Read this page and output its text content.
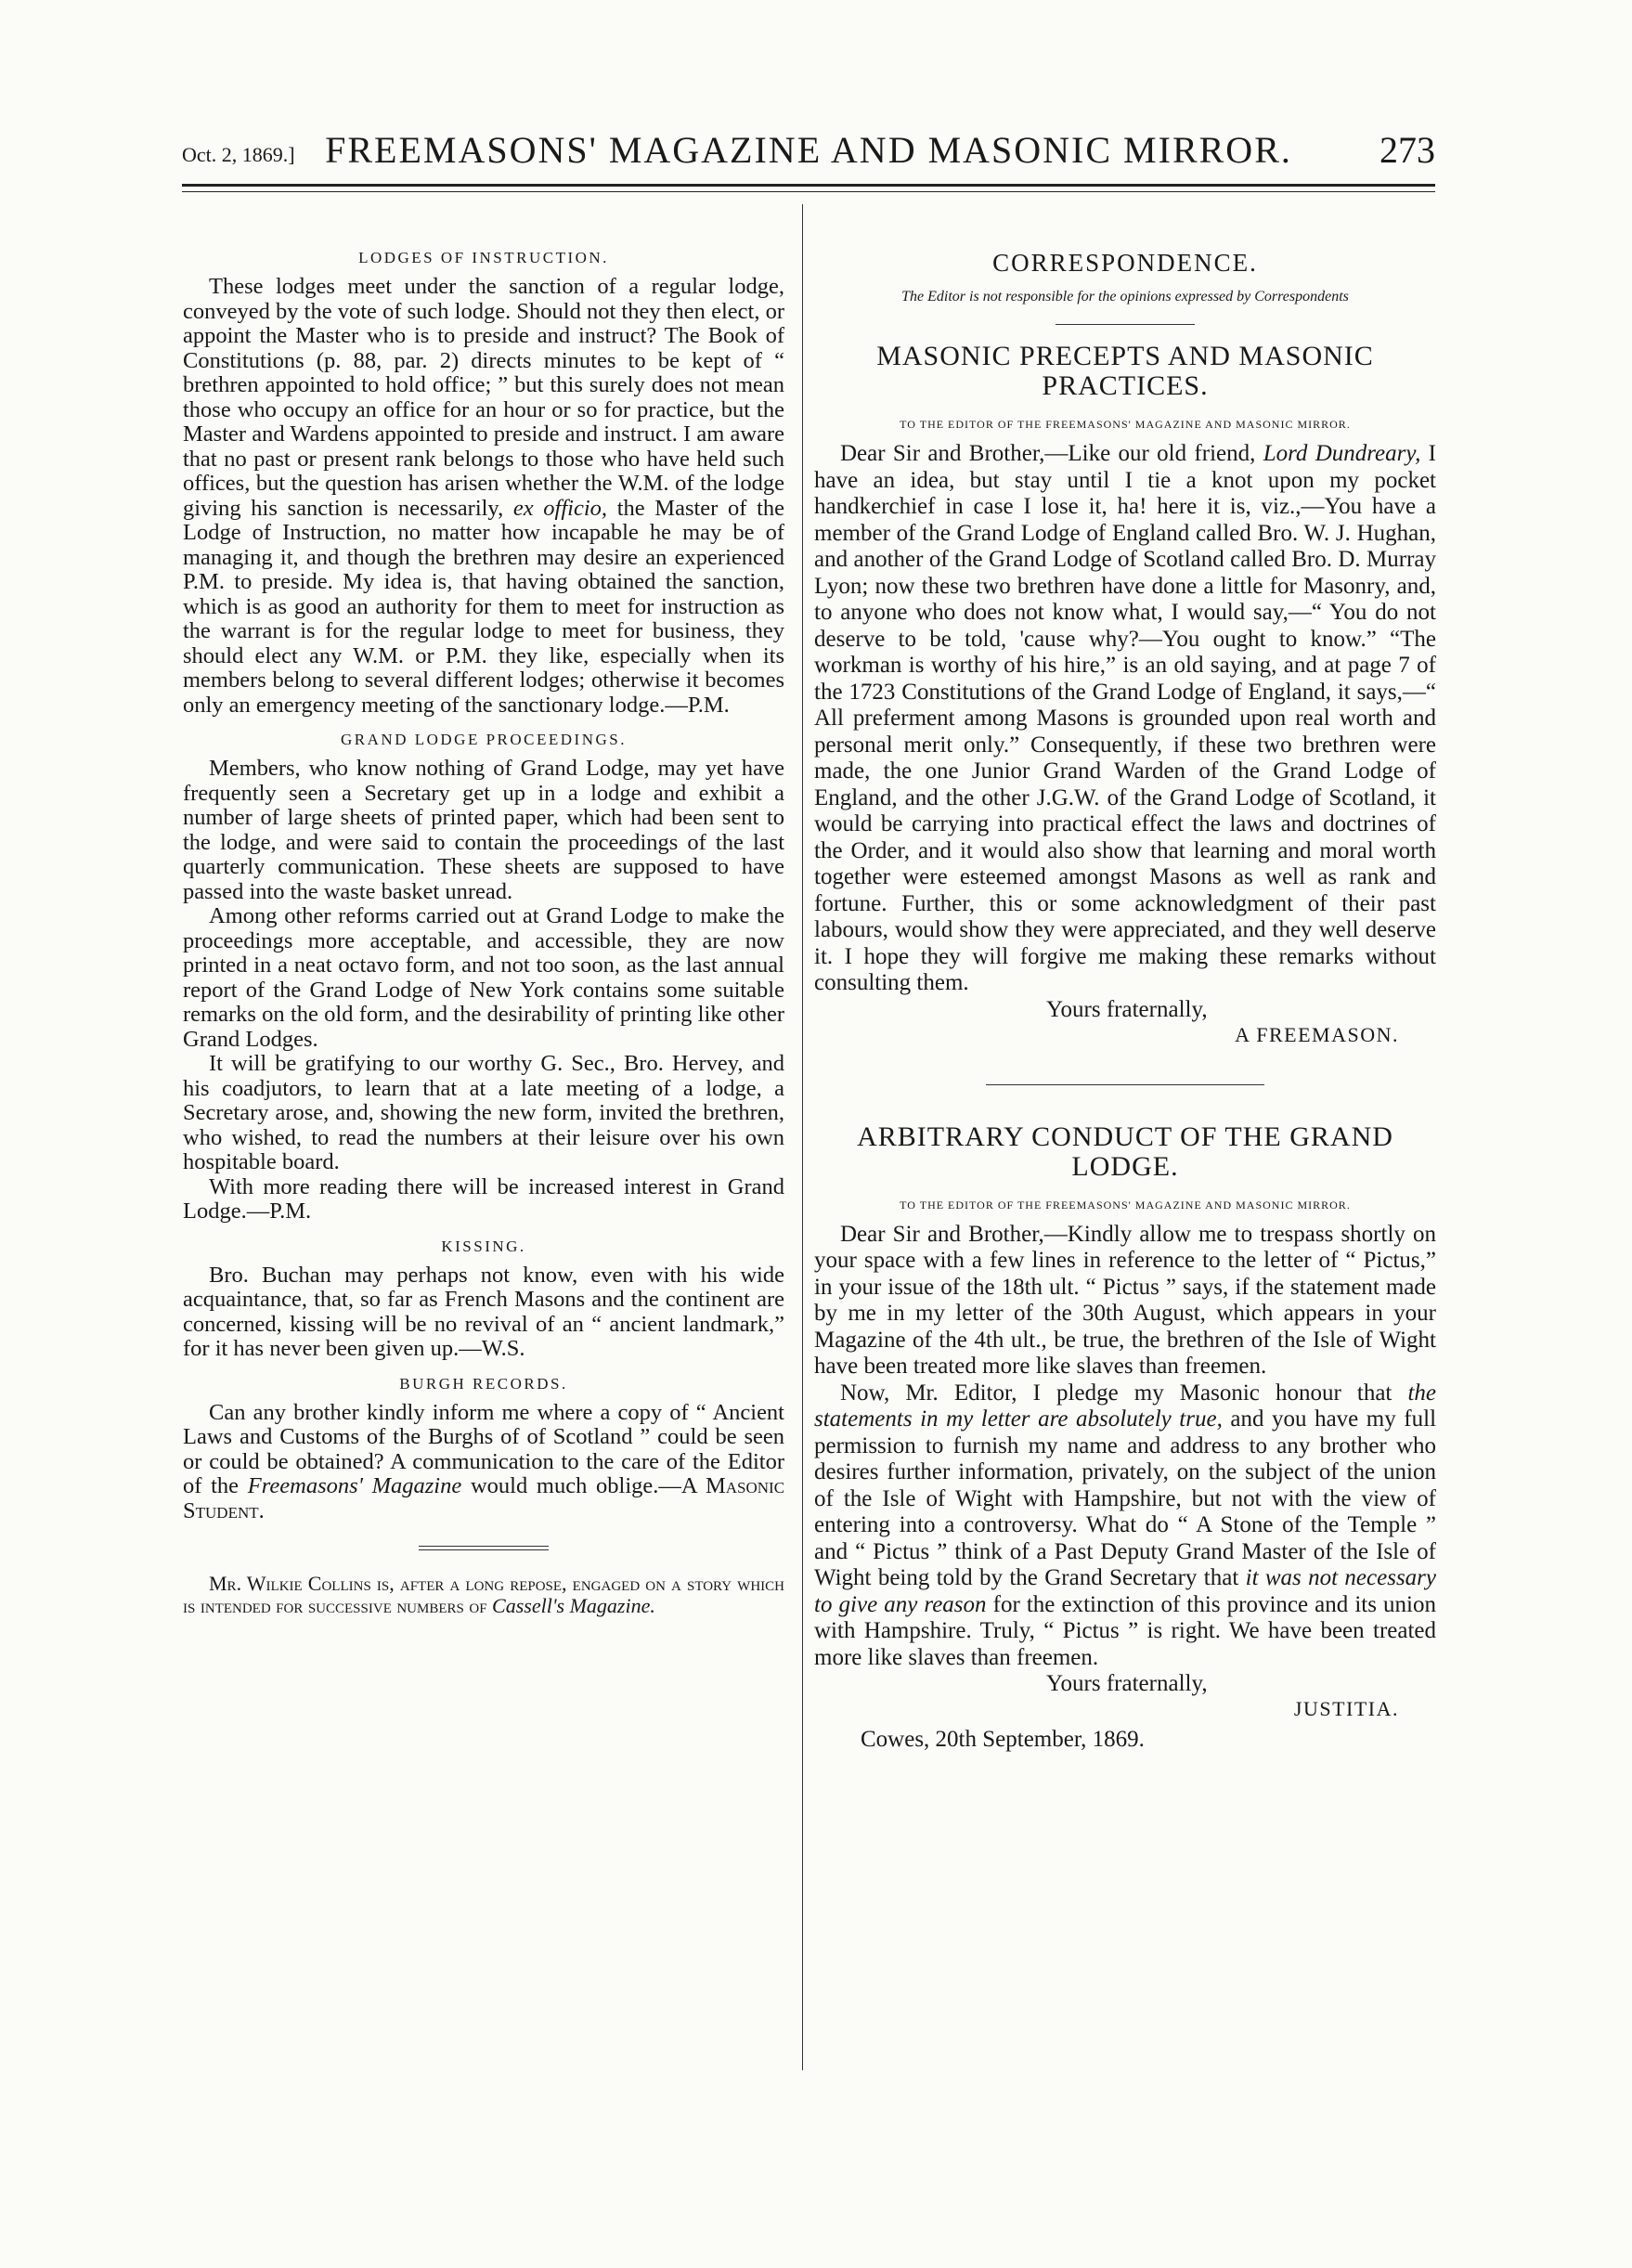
Oct. 2, 1869.] FREEMASONS' MAGAZINE AND MASONIC MIRROR.	273
LODGES OF INSTRUCTION.

These lodges meet under the sanction of a regular lodge, conveyed by the vote of such lodge. Should not they then elect, or appoint the Master who is to preside and instruct? The Book of Constitutions (p. 88, par. 2) directs minutes to be kept of “ brethren appointed to hold office; ” but this surely does not mean those who occupy an office for an hour or so for practice, but the Master and Wardens appointed to preside and instruct. I am aware that no past or present rank belongs to those who have held such offices, but the question has arisen whether the W.M. of the lodge giving his sanction is necessarily, ex officio, the Master of the Lodge of Instruction, no matter how incapable he may be of managing it, and though the brethren may desire an experienced P.M. to preside. My idea is, that having obtained the sanction, which is as good an authority for them to meet for instruction as the warrant is for the regular lodge to meet for business, they should elect any W.M. or P.M. they like, especially when its members belong to several different lodges; otherwise it becomes only an emergency meeting of the sanctionary lodge.—P.M.

GRAND LODGE PROCEEDINGS.

Members, who know nothing of Grand Lodge, may yet have frequently seen a Secretary get up in a lodge and exhibit a number of large sheets of printed paper, which had been sent to the lodge, and were said to contain the proceedings of the last quarterly communication. These sheets are supposed to have passed into the waste basket unread.

Among other reforms carried out at Grand Lodge to make the proceedings more acceptable, and accessible, they are now printed in a neat octavo form, and not too soon, as the last annual report of the Grand Lodge of New York contains some suitable remarks on the old form, and the desirability of printing like other Grand Lodges.

It will be gratifying to our worthy G. Sec., Bro. Hervey, and his coadjutors, to learn that at a late meeting of a lodge, a Secretary arose, and, showing the new form, invited the brethren, who wished, to read the numbers at their leisure over his own hospitable board.

With more reading there will be increased interest in Grand Lodge.—P.M.

KISSING.

Bro. Buchan may perhaps not know, even with his wide acquaintance, that, so far as French Masons and the continent are concerned, kissing will be no revival of an “ ancient landmark,” for it has never been given up.—W.S.

BURGH RECORDS.

Can any brother kindly inform me where a copy of “ Ancient Laws and Customs of the Burghs of of Scotland ” could be seen or could be obtained? A communication to the care of the Editor of the Freemasons' Magazine would much oblige.—A Masonic Student.

Mr. Wilkie Collins is, after a long repose, engaged on a story which is intended for successive numbers of Cassell's Magazine.

CORRESPONDENCE.
The Editor is not responsible for the opinions expressed by Correspondents
MASONIC PRECEPTS AND MASONIC PRACTICES.
TO THE EDITOR OF THE FREEMASONS' MAGAZINE AND MASONIC MIRROR.

Dear Sir and Brother,—Like our old friend, Lord Dundreary, I have an idea, but stay until I tie a knot upon my pocket handkerchief in case I lose it, ha! here it is, viz.,—You have a member of the Grand Lodge of England called Bro. W. J. Hughan, and another of the Grand Lodge of Scotland called Bro. D. Murray Lyon; now these two brethren have done a little for Masonry, and, to anyone who does not know what, I would say,—“ You do not deserve to be told, 'cause why?—You ought to know.” “The workman is worthy of his hire,” is an old saying, and at page 7 of the 1723 Constitutions of the Grand Lodge of England, it says,—“ All preferment among Masons is grounded upon real worth and personal merit only.” Consequently, if these two brethren were made, the one Junior Grand Warden of the Grand Lodge of England, and the other J.G.W. of the Grand Lodge of Scotland, it would be carrying into practical effect the laws and doctrines of the Order, and it would also show that learning and moral worth together were esteemed amongst Masons as well as rank and fortune. Further, this or some acknowledgment of their past labours, would show they were appreciated, and they well deserve it. I hope they will forgive me making these remarks without consulting them.

Yours fraternally,
A FREEMASON.
ARBITRARY CONDUCT OF THE GRAND LODGE.
TO THE EDITOR OF THE FREEMASONS' MAGAZINE AND MASONIC MIRROR.

Dear Sir and Brother,—Kindly allow me to trespass shortly on your space with a few lines in reference to the letter of “ Pictus,” in your issue of the 18th ult. “ Pictus ” says, if the statement made by me in my letter of the 30th August, which appears in your Magazine of the 4th ult., be true, the brethren of the Isle of Wight have been treated more like slaves than freemen.

Now, Mr. Editor, I pledge my Masonic honour that the statements in my letter are absolutely true, and you have my full permission to furnish my name and address to any brother who desires further information, privately, on the subject of the union of the Isle of Wight with Hampshire, but not with the view of entering into a controversy. What do “ A Stone of the Temple ” and “ Pictus ” think of a Past Deputy Grand Master of the Isle of Wight being told by the Grand Secretary that it was not necessary to give any reason for the extinction of this province and its union with Hampshire. Truly, “ Pictus ” is right. We have been treated more like slaves than freemen.

Yours fraternally,
JUSTITIA.
Cowes, 20th September, 1869.
